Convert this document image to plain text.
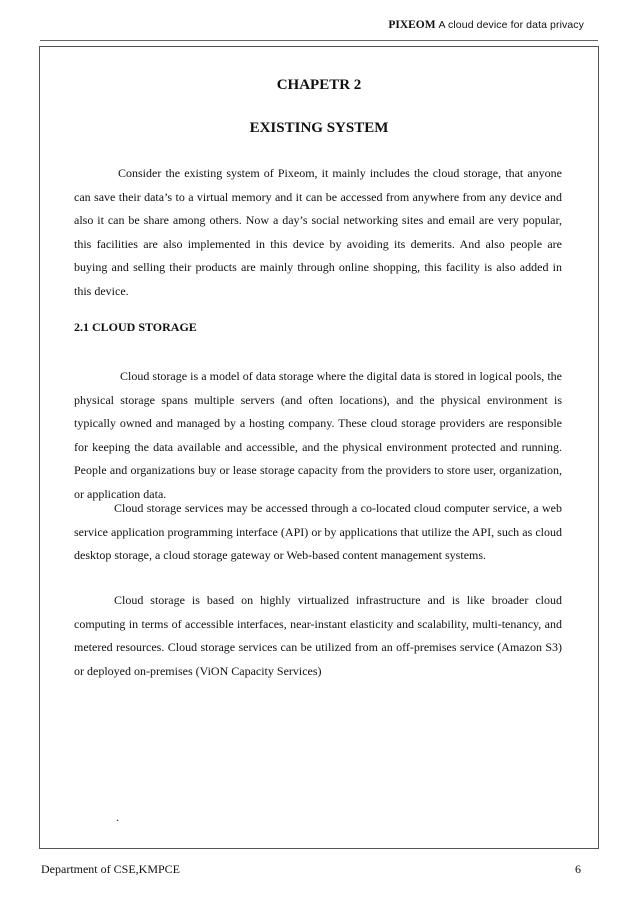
PIXEOM A cloud device for data privacy
CHAPETR 2
EXISTING SYSTEM

Consider the existing system of Pixeom, it mainly includes the cloud storage, that anyone can save their data’s to a virtual memory and it can be accessed from anywhere from any device and also it can be share among others. Now a day’s social networking sites and email are very popular, this facilities are also implemented in this device by avoiding its demerits. And also people are buying and selling their products are mainly through online shopping, this facility is also added in this device.

2.1 CLOUD STORAGE

Cloud storage is a model of data storage where the digital data is stored in logical pools, the physical storage spans multiple servers (and often locations), and the physical environment is typically owned and managed by a hosting company. These cloud storage providers are responsible for keeping the data available and accessible, and the physical environment protected and running. People and organizations buy or lease storage capacity from the providers to store user, organization, or application data.

Cloud storage services may be accessed through a co-located cloud computer service, a web service application programming interface (API) or by applications that utilize the API, such as cloud desktop storage, a cloud storage gateway or Web-based content management systems.

Cloud storage is based on highly virtualized infrastructure and is like broader cloud computing in terms of accessible interfaces, near-instant elasticity and scalability, multi-tenancy, and metered resources. Cloud storage services can be utilized from an off-premises service (Amazon S3) or deployed on-premises (ViON Capacity Services)

.

Department of CSE,KMPCE	6
